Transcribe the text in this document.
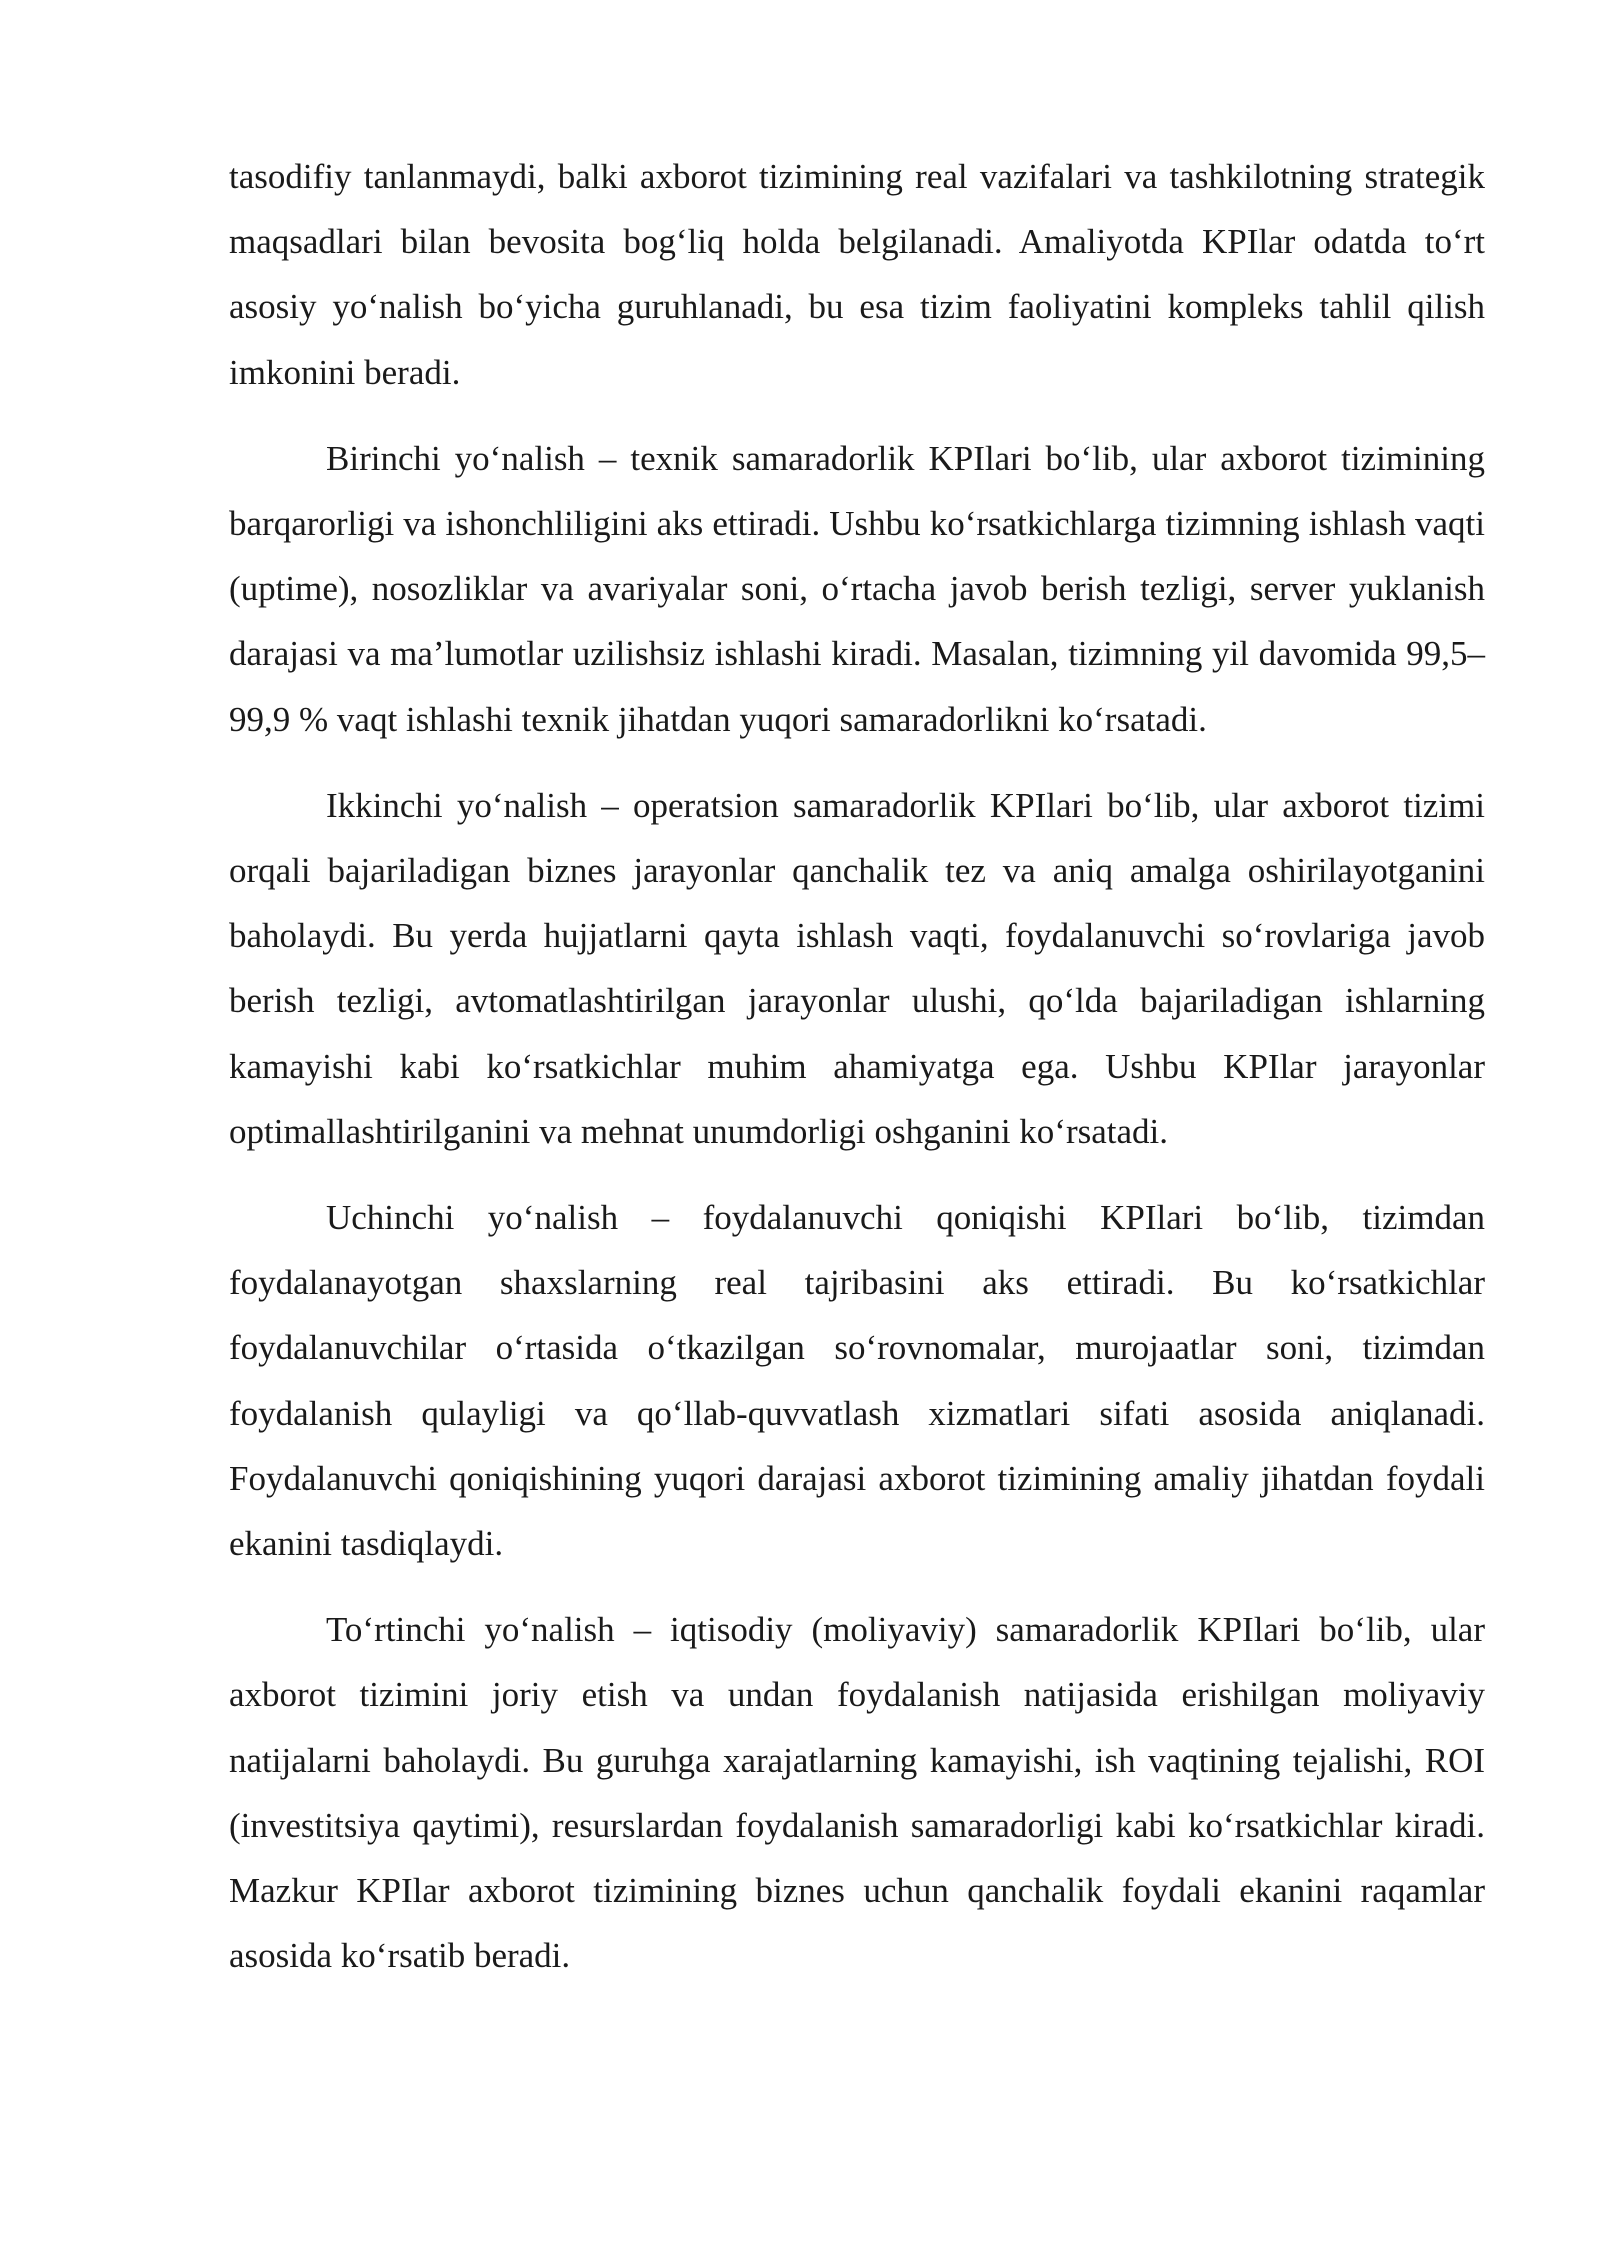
tasodifiy tanlanmaydi, balki axborot tizimining real vazifalari va tashkilotning strategik maqsadlari bilan bevosita bog‘liq holda belgilanadi. Amaliyotda KPIlar odatda to‘rt asosiy yo‘nalish bo‘yicha guruhlanadi, bu esa tizim faoliyatini kompleks tahlil qilish imkonini beradi.

Birinchi yo‘nalish – texnik samaradorlik KPIlari bo‘lib, ular axborot tizimining barqarorligi va ishonchliligini aks ettiradi. Ushbu ko‘rsatkichlarga tizimning ishlash vaqti (uptime), nosozliklar va avariyalar soni, o‘rtacha javob berish tezligi, server yuklanish darajasi va ma’lumotlar uzilishsiz ishlashi kiradi. Masalan, tizimning yil davomida 99,5–99,9 % vaqt ishlashi texnik jihatdan yuqori samaradorlikni ko‘rsatadi.

Ikkinchi yo‘nalish – operatsion samaradorlik KPIlari bo‘lib, ular axborot tizimi orqali bajariladigan biznes jarayonlar qanchalik tez va aniq amalga oshirilayotganini baholaydi. Bu yerda hujjatlarni qayta ishlash vaqti, foydalanuvchi so‘rovlariga javob berish tezligi, avtomatlashtirilgan jarayonlar ulushi, qo‘lda bajariladigan ishlarning kamayishi kabi ko‘rsatkichlar muhim ahamiyatga ega. Ushbu KPIlar jarayonlar optimallashtirilganini va mehnat unumdorligi oshganini ko‘rsatadi.

Uchinchi yo‘nalish – foydalanuvchi qoniqishi KPIlari bo‘lib, tizimdan foydalanayotgan shaxslarning real tajribasini aks ettiradi. Bu ko‘rsatkichlar foydalanuvchilar o‘rtasida o‘tkazilgan so‘rovnomalar, murojaatlar soni, tizimdan foydalanish qulayligi va qo‘llab-quvvatlash xizmatlari sifati asosida aniqlanadi. Foydalanuvchi qoniqishining yuqori darajasi axborot tizimining amaliy jihatdan foydali ekanini tasdiqlaydi.

To‘rtinchi yo‘nalish – iqtisodiy (moliyaviy) samaradorlik KPIlari bo‘lib, ular axborot tizimini joriy etish va undan foydalanish natijasida erishilgan moliyaviy natijalarni baholaydi. Bu guruhga xarajatlarning kamayishi, ish vaqtining tejalishi, ROI (investitsiya qaytimi), resurslardan foydalanish samaradorligi kabi ko‘rsatkichlar kiradi. Mazkur KPIlar axborot tizimining biznes uchun qanchalik foydali ekanini raqamlar asosida ko‘rsatib beradi.
